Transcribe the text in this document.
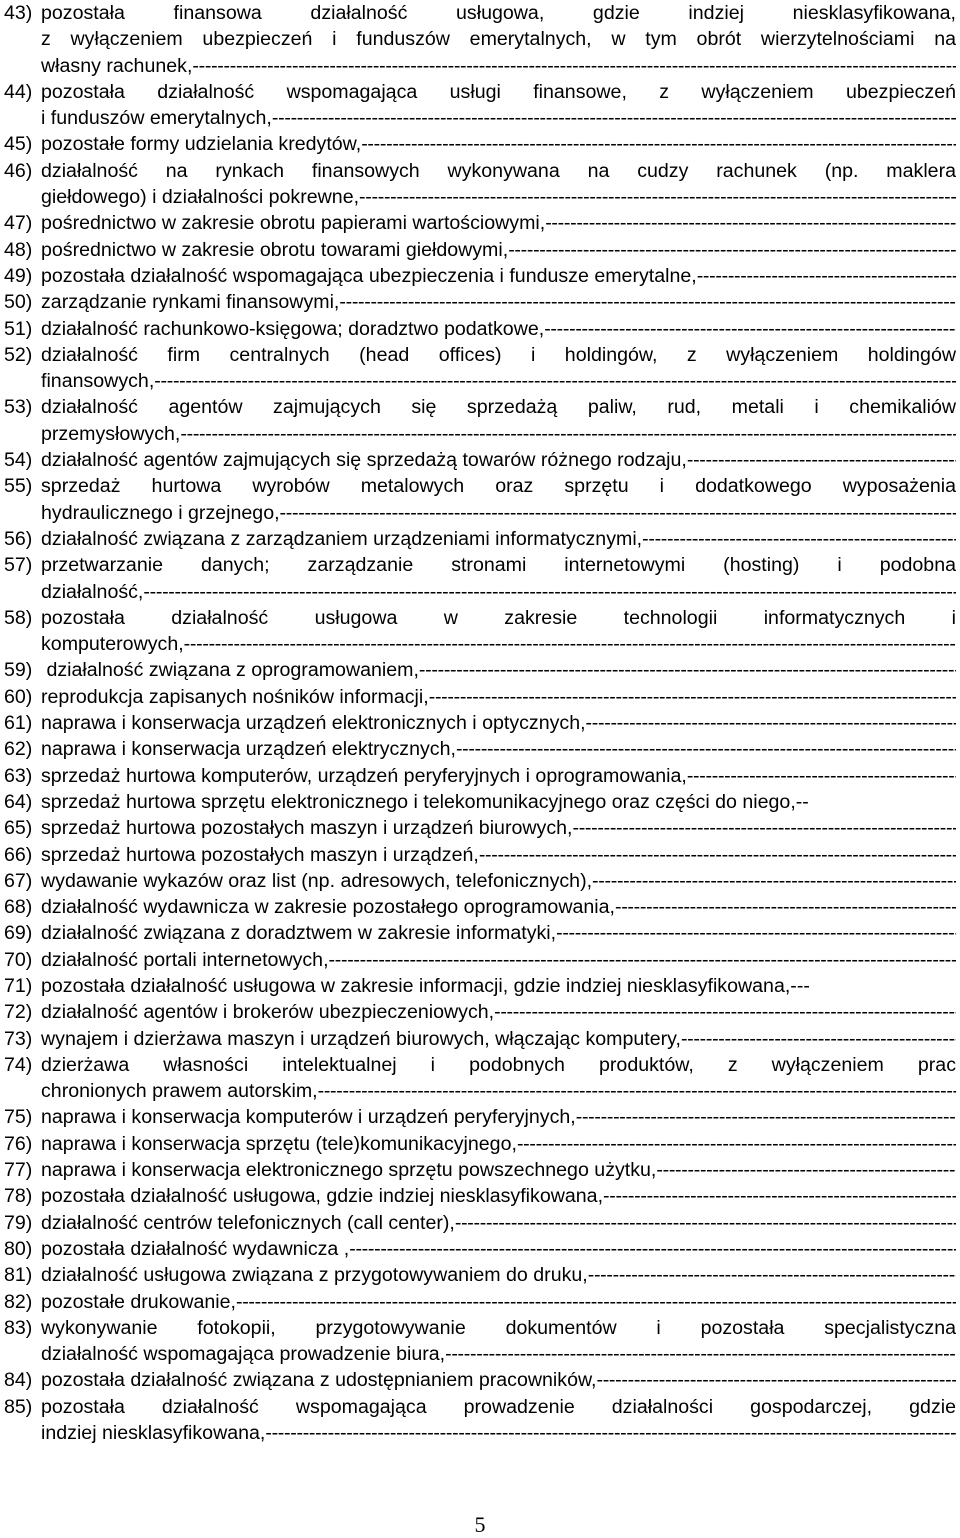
43) pozostała finansowa działalność usługowa, gdzie indziej niesklasyfikowana,
z wyłączeniem ubezpieczeń i funduszów emerytalnych, w tym obrót wierzytelnościami na
własny rachunek,
-----
44) pozostała działalność wspomagająca usługi finansowe, z wyłączeniem ubezpieczeń
i funduszów emerytalnych,
-----
45) pozostałe formy udzielania kredytów,
-----
46) działalność na rynkach finansowych wykonywana na cudzy rachunek (np. maklera
giełdowego) i działalności pokrewne,
-----
47) pośrednictwo w zakresie obrotu papierami wartościowymi,
-----
48) pośrednictwo w zakresie obrotu towarami giełdowymi,
-----
49) pozostała działalność wspomagająca ubezpieczenia i fundusze emerytalne,
-----
50) zarządzanie rynkami finansowymi,
-----
51) działalność rachunkowo-księgowa; doradztwo podatkowe,
-----
52) działalność firm centralnych (head offices) i holdingów, z wyłączeniem holdingów
finansowych,
-----
53) działalność agentów zajmujących się sprzedażą paliw, rud, metali i chemikaliów
przemysłowych,
-----
54) działalność agentów zajmujących się sprzedażą towarów różnego rodzaju,
-----
55) sprzedaż hurtowa wyrobów metalowych oraz sprzętu i dodatkowego wyposażenia
hydraulicznego i grzejnego,
-----
56) działalność związana z zarządzaniem urządzeniami informatycznymi,
-----
57) przetwarzanie danych; zarządzanie stronami internetowymi (hosting) i podobna
działalność,
-----
58) pozostała działalność usługowa w zakresie technologii informatycznych i
komputerowych,
-----
59) działalność związana z oprogramowaniem,
-----
60) reprodukcja zapisanych nośników informacji,
-----
61) naprawa i konserwacja urządzeń elektronicznych i optycznych,
-----
62) naprawa i konserwacja urządzeń elektrycznych,
-----
63) sprzedaż hurtowa komputerów, urządzeń peryferyjnych i oprogramowania,
-----
64) sprzedaż hurtowa sprzętu elektronicznego i telekomunikacyjnego oraz części do niego,--
65) sprzedaż hurtowa pozostałych maszyn i urządzeń biurowych,
-----
66) sprzedaż hurtowa pozostałych maszyn i urządzeń,
-----
67) wydawanie wykazów oraz list (np. adresowych, telefonicznych),
-----
68) działalność wydawnicza w zakresie pozostałego oprogramowania,
-----
69) działalność związana z doradztwem w zakresie informatyki,
-----
70) działalność portali internetowych,
-----
71) pozostała działalność usługowa w zakresie informacji, gdzie indziej niesklasyfikowana,---
72) działalność agentów i brokerów ubezpieczeniowych,
-----
73) wynajem i dzierżawa maszyn i urządzeń biurowych, włączając komputery,
-----
74) dzierżawa własności intelektualnej i podobnych produktów, z wyłączeniem prac
chronionych prawem autorskim,
-----
75) naprawa i konserwacja komputerów i urządzeń peryferyjnych,
-----
76) naprawa i konserwacja sprzętu (tele)komunikacyjnego,
-----
77) naprawa i konserwacja elektronicznego sprzętu powszechnego użytku,
-----
78) pozostała działalność usługowa, gdzie indziej niesklasyfikowana,
-----
79) działalność centrów telefonicznych (call center),
-----
80) pozostała działalność wydawnicza ,
-----
81) działalność usługowa związana z przygotowywaniem do druku,
-----
82) pozostałe drukowanie,
-----
83) wykonywanie fotokopii, przygotowywanie dokumentów i pozostała specjalistyczna
działalność wspomagająca prowadzenie biura,
-----
84) pozostała działalność związana z udostępnianiem pracowników,
-----
85) pozostała działalność wspomagająca prowadzenie działalności gospodarczej, gdzie
indziej niesklasyfikowana,
-----
5
